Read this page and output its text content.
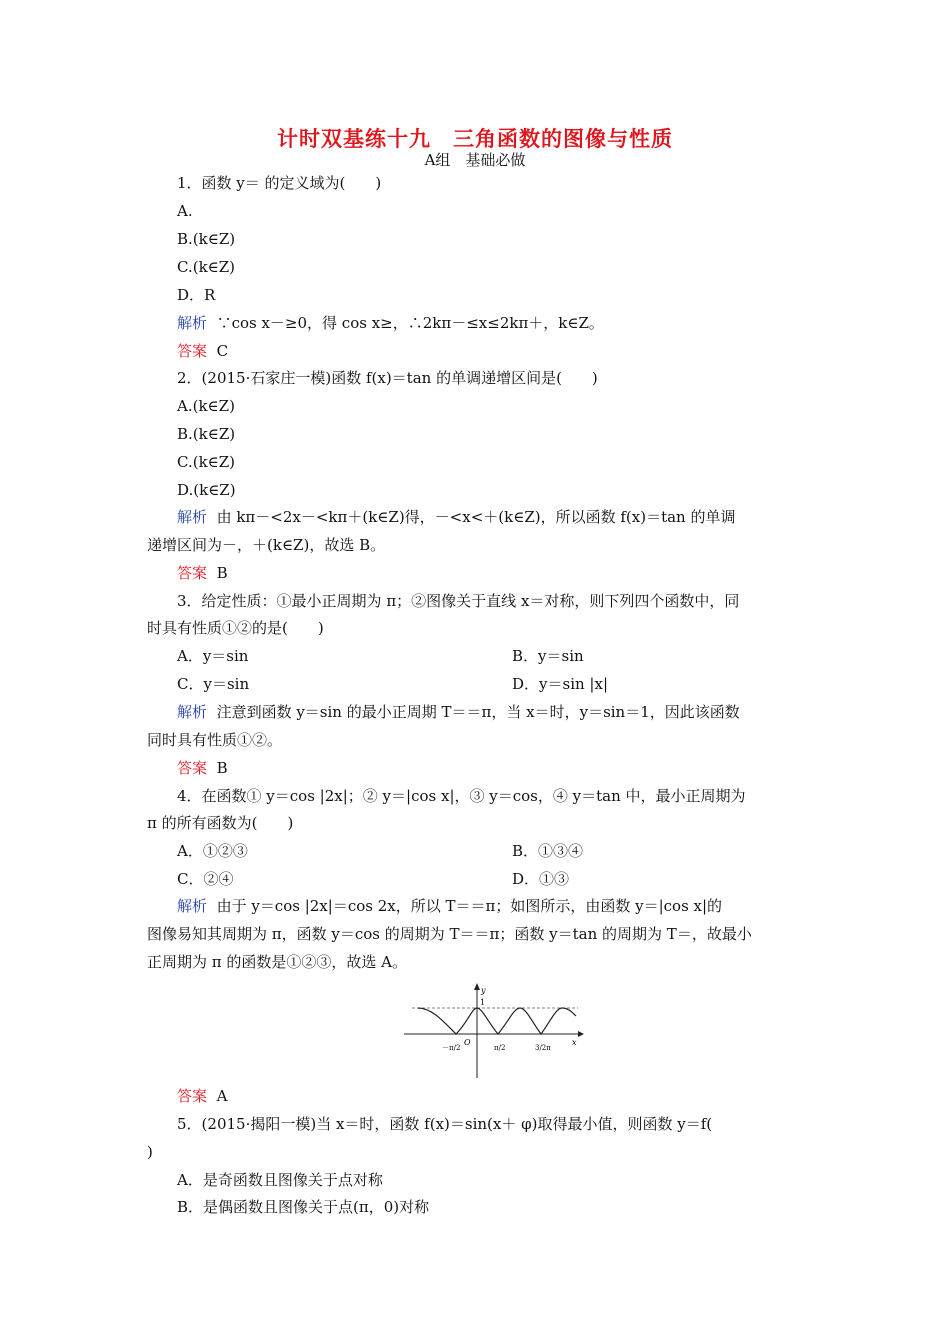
计时双基练十九　三角函数的图像与性质
A组　基础必做
1．函数 y＝ 的定义域为(　　)
A.
B.(k∈Z)
C.(k∈Z)
D．R
解析 ∵cos x－≥0，得 cos x≥，∴2kπ－≤x≤2kπ＋，k∈Z。
答案 C
2．(2015·石家庄一模)函数 f(x)＝tan 的单调递增区间是(　　)
A.(k∈Z)
B.(k∈Z)
C.(k∈Z)
D.(k∈Z)
解析 由 kπ－<2x－<kπ＋(k∈Z)得，－<x<＋(k∈Z)，所以函数 f(x)＝tan 的单调
递增区间为－，＋(k∈Z)，故选 B。
答案 B
3．给定性质：①最小正周期为 π；②图像关于直线 x＝对称，则下列四个函数中，同
时具有性质①②的是(　　)
A．y＝sin	B．y＝sin
C．y＝sin	D．y＝sin |x|
解析 注意到函数 y＝sin 的最小正周期 T＝＝π，当 x＝时，y＝sin＝1，因此该函数
同时具有性质①②。
答案 B
4．在函数① y＝cos |2x|；② y＝|cos x|，③ y＝cos，④ y＝tan 中，最小正周期为
π 的所有函数为(　　)
A．①②③	B．①③④
C．②④	D．①③
解析 由于 y＝cos |2x|＝cos 2x，所以 T＝＝π；如图所示，由函数 y＝|cos x|的
图像易知其周期为 π，函数 y＝cos 的周期为 T＝＝π；函数 y＝tan 的周期为 T＝，故最小
正周期为 π 的函数是①②③，故选 A。
y
1
O	x
－π/2	π/2	3/2π
答案 A
5．(2015·揭阳一模)当 x＝时，函数 f(x)＝sin(x＋ φ)取得最小值，则函数 y＝f(
)
A．是奇函数且图像关于点对称
B．是偶函数且图像关于点(π，0)对称
